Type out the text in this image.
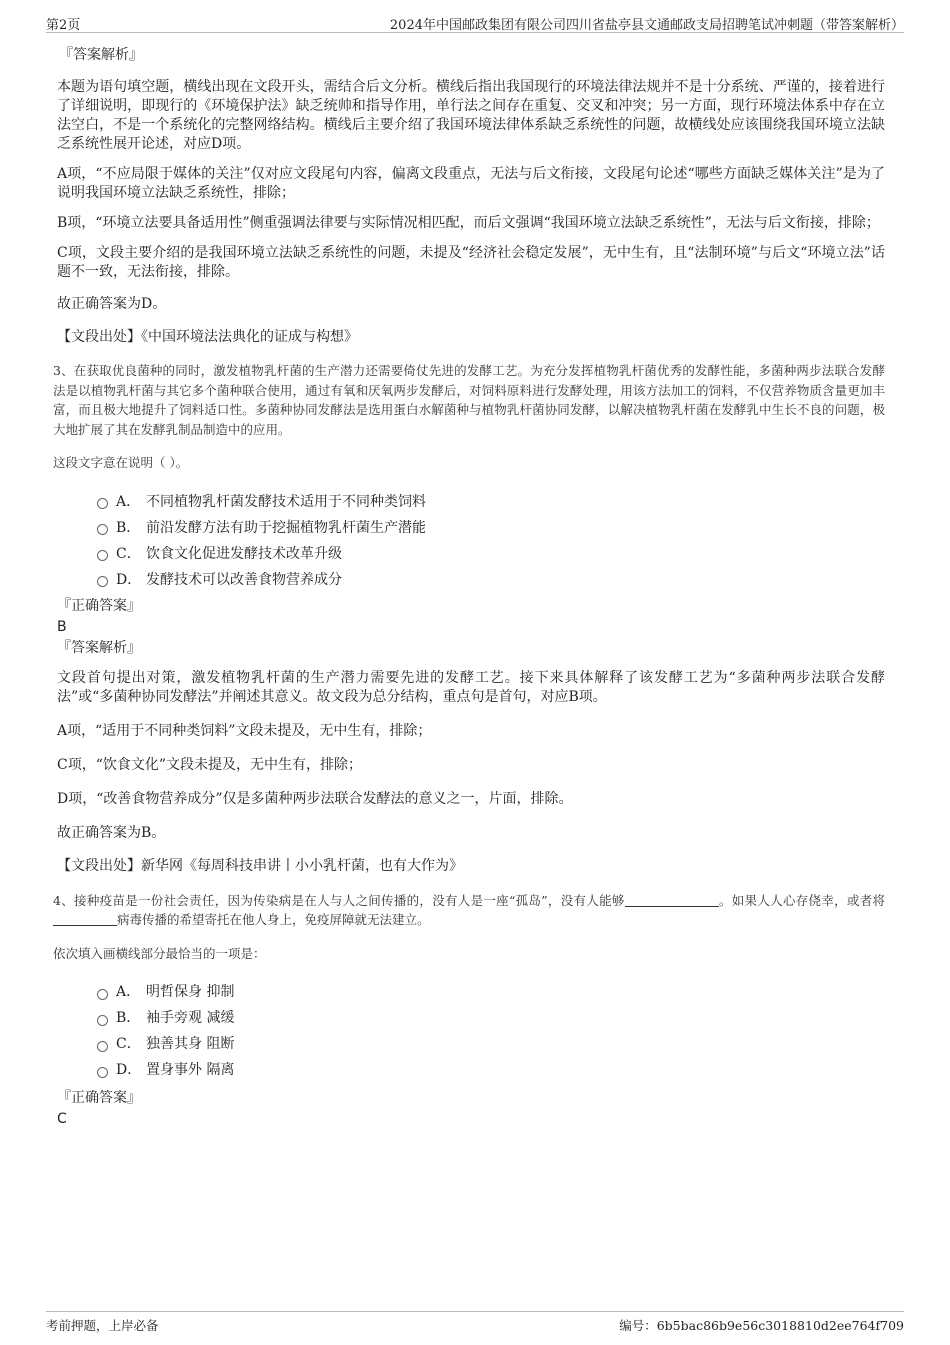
第2页	2024年中国邮政集团有限公司四川省盐亭县文通邮政支局招聘笔试冲刺题（带答案解析）

『答案解析』

本题为语句填空题，横线出现在文段开头，需结合后文分析。横线后指出我国现行的环境法律法规并不是十分系统、严谨的，接着进行了详细说明，即现行的《环境保护法》缺乏统帅和指导作用，单行法之间存在重复、交叉和冲突；另一方面，现行环境法体系中存在立法空白，不是一个系统化的完整网络结构。横线后主要介绍了我国环境法律体系缺乏系统性的问题，故横线处应该围绕我国环境立法缺乏系统性展开论述，对应D项。

A项，“不应局限于媒体的关注”仅对应文段尾句内容，偏离文段重点，无法与后文衔接，文段尾句论述“哪些方面缺乏媒体关注”是为了说明我国环境立法缺乏系统性，排除；

B项，“环境立法要具备适用性”侧重强调法律要与实际情况相匹配，而后文强调“我国环境立法缺乏系统性”，无法与后文衔接，排除；

C项，文段主要介绍的是我国环境立法缺乏系统性的问题，未提及“经济社会稳定发展”，无中生有，且“法制环境”与后文“环境立法”话题不一致，无法衔接，排除。

故正确答案为D。

【文段出处】《中国环境法法典化的证成与构想》

3、在获取优良菌种的同时，激发植物乳杆菌的生产潜力还需要倚仗先进的发酵工艺。为充分发挥植物乳杆菌优秀的发酵性能，多菌种两步法联合发酵法是以植物乳杆菌与其它多个菌种联合使用，通过有氧和厌氧两步发酵后，对饲料原料进行发酵处理，用该方法加工的饲料，不仅营养物质含量更加丰富，而且极大地提升了饲料适口性。多菌种协同发酵法是选用蛋白水解菌种与植物乳杆菌协同发酵，以解决植物乳杆菌在发酵乳中生长不良的问题，极大地扩展了其在发酵乳制品制造中的应用。

这段文字意在说明（ ）。

A． 不同植物乳杆菌发酵技术适用于不同种类饲料
B． 前沿发酵方法有助于挖掘植物乳杆菌生产潜能
C． 饮食文化促进发酵技术改革升级
D． 发酵技术可以改善食物营养成分

『正确答案』

B

『答案解析』

文段首句提出对策，激发植物乳杆菌的生产潜力需要先进的发酵工艺。接下来具体解释了该发酵工艺为“多菌种两步法联合发酵法”或“多菌种协同发酵法”并阐述其意义。故文段为总分结构，重点句是首句，对应B项。

A项，“适用于不同种类饲料”文段未提及，无中生有，排除；

C项，“饮食文化”文段未提及，无中生有，排除；

D项，“改善食物营养成分”仅是多菌种两步法联合发酵法的意义之一，片面，排除。

故正确答案为B。

【文段出处】新华网《每周科技串讲丨小小乳杆菌，也有大作为》

4、接种疫苗是一份社会责任，因为传染病是在人与人之间传播的，没有人是一座“孤岛”，没有人能够	。如果人人心存侥幸，或者将病毒传播的希望寄托在他人身上，免疫屏障就无法建立。

依次填入画横线部分最恰当的一项是：

A． 明哲保身 抑制
B． 袖手旁观 减缓
C． 独善其身 阻断
D． 置身事外 隔离

『正确答案』

C

考前押题，上岸必备	编号：6b5bac86b9e56c3018810d2ee764f709
